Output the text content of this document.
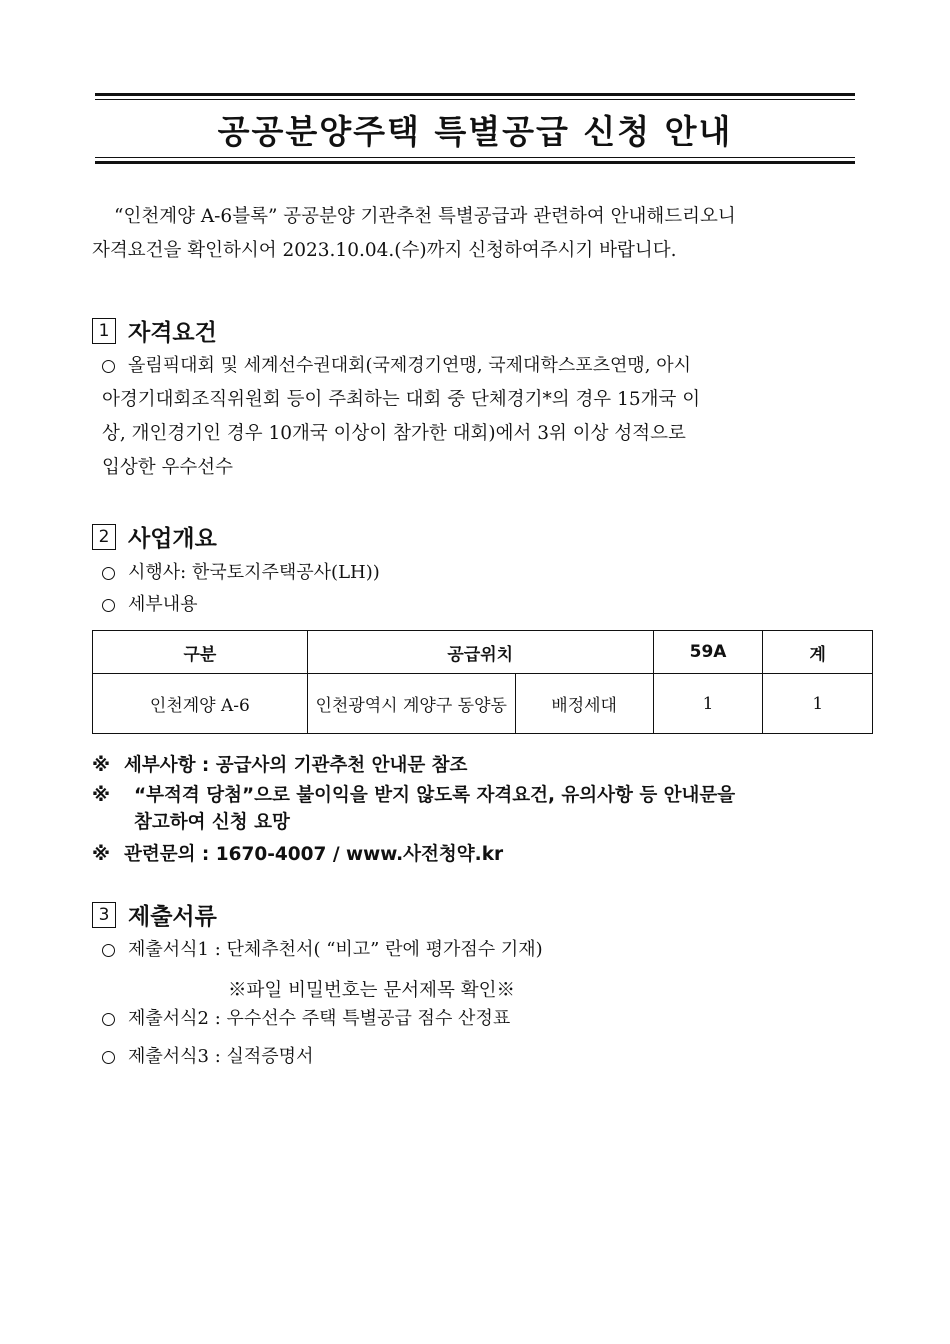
공공분양주택 특별공급 신청 안내
“인천계양 A-6블록” 공공분양 기관추천 특별공급과 관련하여 안내해드리오니
자격요건을 확인하시어 2023.10.04.(수)까지 신청하여주시기 바랍니다.
1 자격요건
올림픽대회 및 세계선수권대회(국제경기연맹, 국제대학스포츠연맹, 아시
아경기대회조직위원회 등이 주최하는 대회 중 단체경기*의 경우 15개국 이
상, 개인경기인 경우 10개국 이상이 참가한 대회)에서 3위 이상 성적으로
입상한 우수선수
2 사업개요
시행사: 한국토지주택공사(LH))
세부내용
구분	공급위치		59A	계
인천계양 A-6	인천광역시 계양구 동양동	배정세대	1	1
※ 세부사항 : 공급사의 기관추천 안내문 참조
※ “부적격 당첨”으로 불이익을 받지 않도록 자격요건, 유의사항 등 안내문을
참고하여 신청 요망
※ 관련문의 : 1670-4007 / www.사전청약.kr
3 제출서류
제출서식1 : 단체추천서( “비고” 란에 평가점수 기재)
※파일 비밀번호는 문서제목 확인※
제출서식2 : 우수선수 주택 특별공급 점수 산정표
제출서식3 : 실적증명서
